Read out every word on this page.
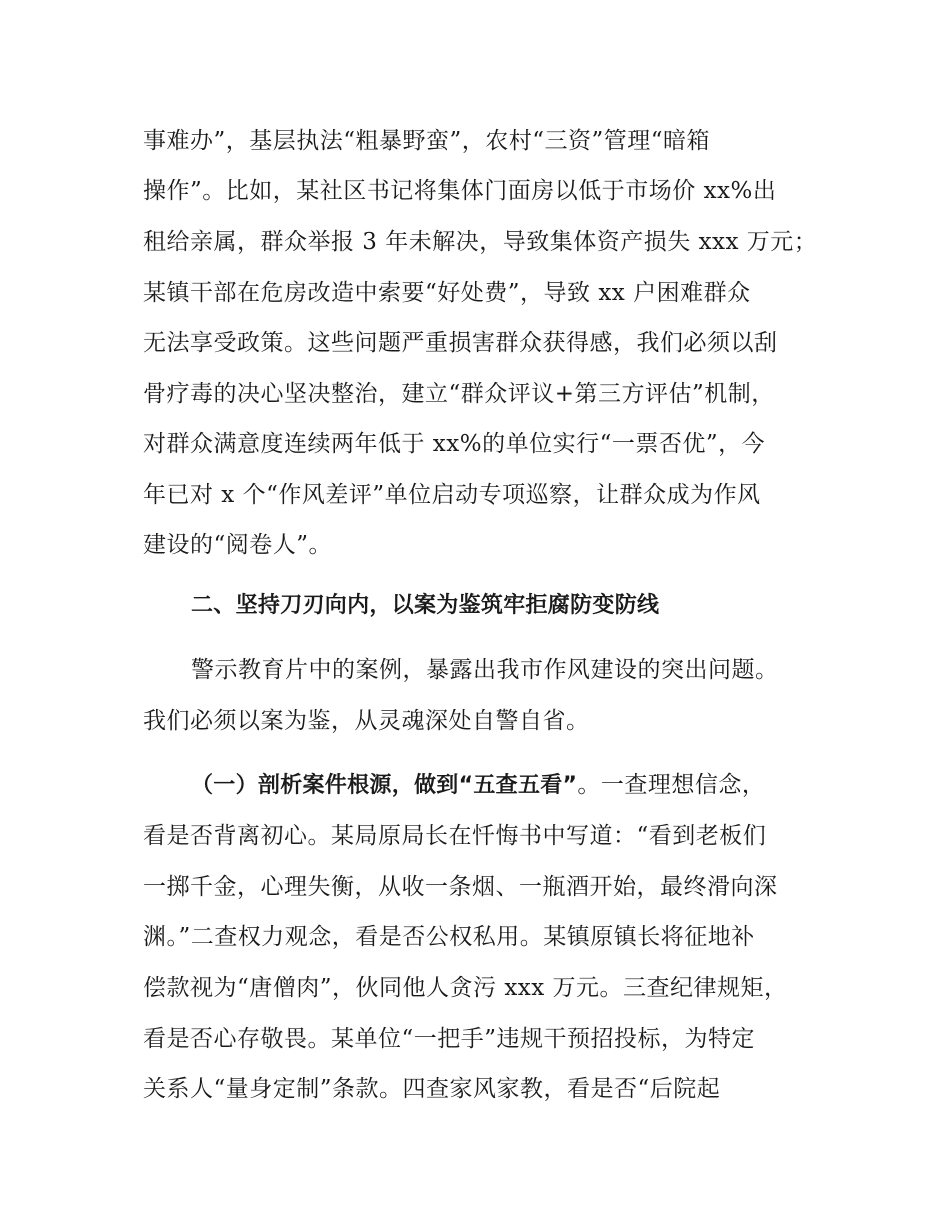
事难办”，基层执法“粗暴野蛮”，农村“三资”管理“暗箱
操作”。比如，某社区书记将集体门面房以低于市场价 xx%出
租给亲属，群众举报 3 年未解决，导致集体资产损失 xxx 万元；
某镇干部在危房改造中索要“好处费”，导致 xx 户困难群众
无法享受政策。这些问题严重损害群众获得感，我们必须以刮
骨疗毒的决心坚决整治，建立“群众评议+第三方评估”机制，
对群众满意度连续两年低于 xx%的单位实行“一票否优”，今
年已对 x 个“作风差评”单位启动专项巡察，让群众成为作风
建设的“阅卷人”。
二、坚持刀刃向内，以案为鉴筑牢拒腐防变防线
警示教育片中的案例，暴露出我市作风建设的突出问题。
我们必须以案为鉴，从灵魂深处自警自省。
（一）剖析案件根源，做到“五查五看”。一查理想信念，
看是否背离初心。某局原局长在忏悔书中写道：“看到老板们
一掷千金，心理失衡，从收一条烟、一瓶酒开始，最终滑向深
渊。”二查权力观念，看是否公权私用。某镇原镇长将征地补
偿款视为“唐僧肉”，伙同他人贪污 xxx 万元。三查纪律规矩，
看是否心存敬畏。某单位“一把手”违规干预招投标，为特定
关系人“量身定制”条款。四查家风家教，看是否“后院起
